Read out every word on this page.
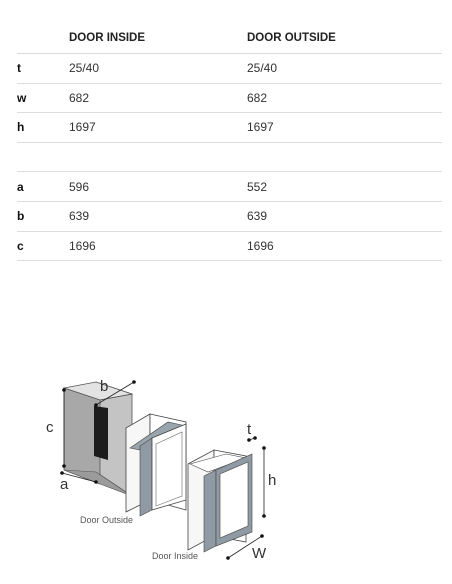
	DOOR INSIDE	DOOR OUTSIDE
t	25/40	25/40
w	682	682
h	1697	1697

a	596	552
b	639	639
c	1696	1696
c
b
a
Door Outside
Door Inside
t
h
W
